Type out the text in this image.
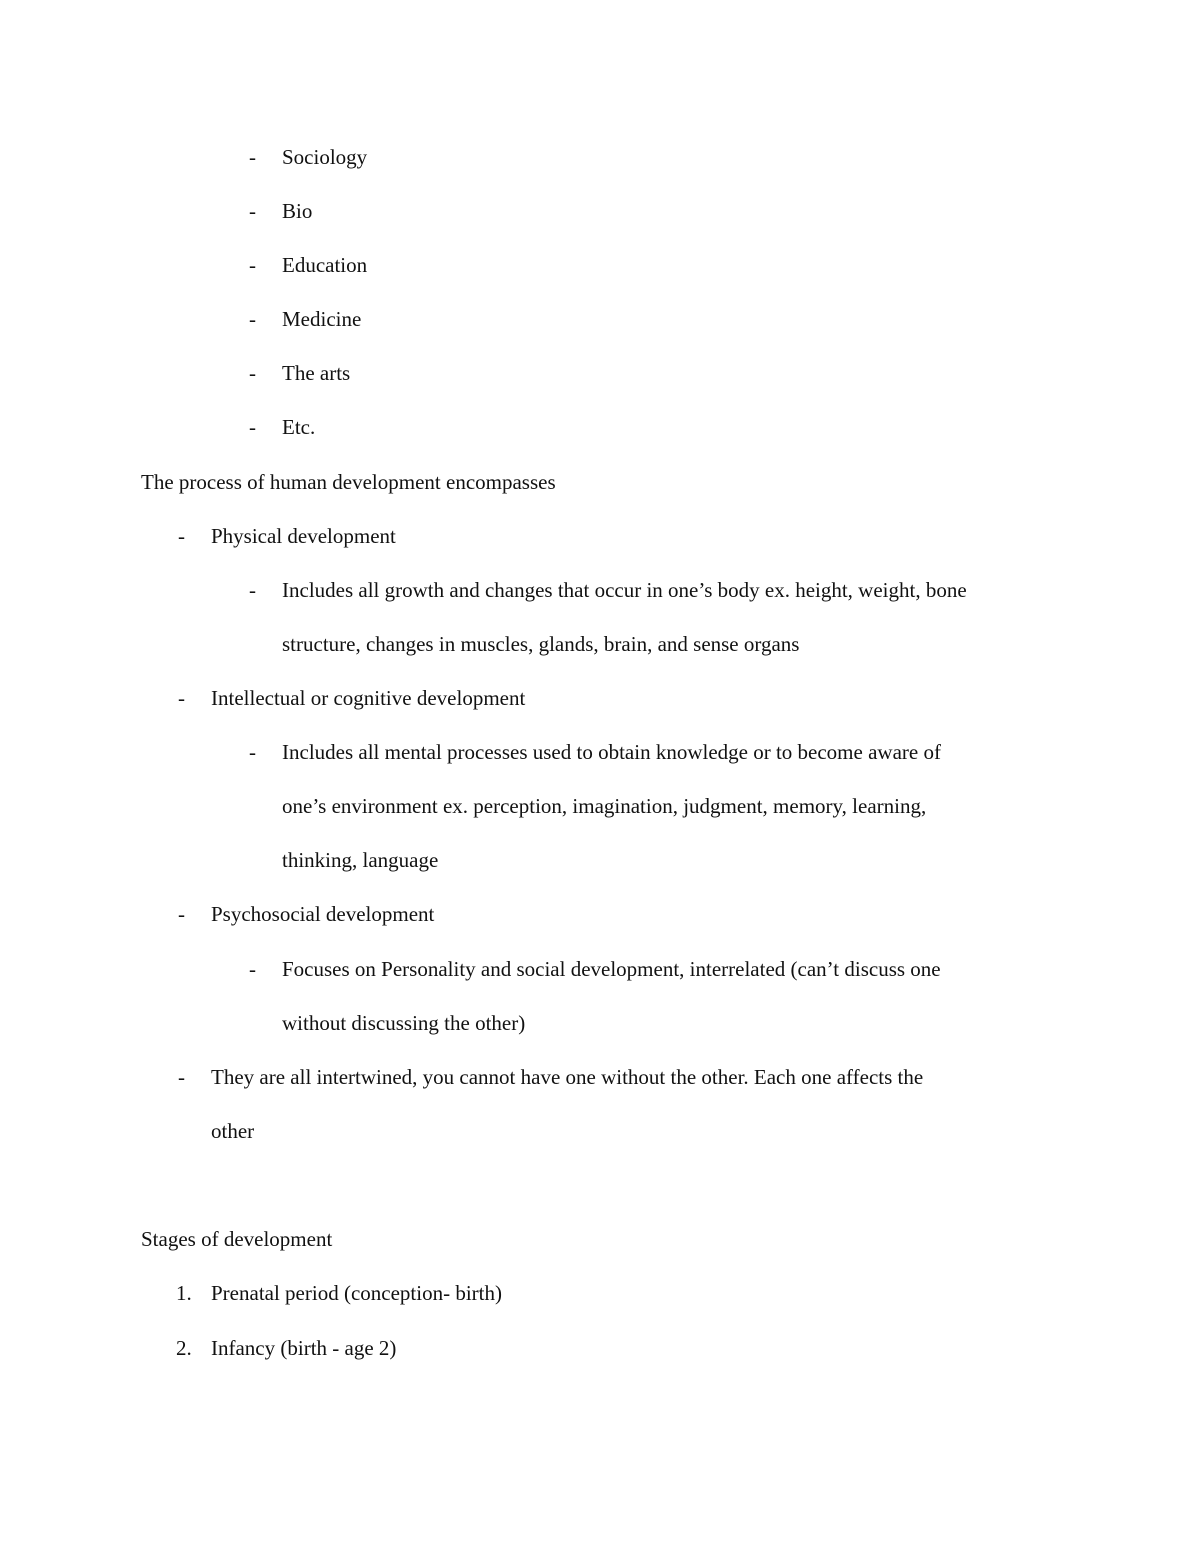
- Sociology
- Bio
- Education
- Medicine
- The arts
- Etc.
The process of human development encompasses
- Physical development
- Includes all growth and changes that occur in one’s body ex. height, weight, bone
structure, changes in muscles, glands, brain, and sense organs
- Intellectual or cognitive development
- Includes all mental processes used to obtain knowledge or to become aware of
one’s environment ex. perception, imagination, judgment, memory, learning,
thinking, language
- Psychosocial development
- Focuses on Personality and social development, interrelated (can’t discuss one
without discussing the other)
- They are all intertwined, you cannot have one without the other. Each one affects the
other
Stages of development
1. Prenatal period (conception- birth)
2. Infancy (birth - age 2)
